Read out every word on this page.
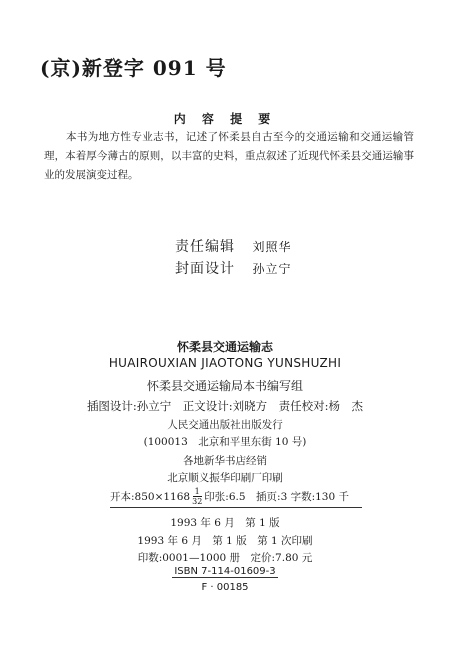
(京)新登字 091 号
内 容 提 要
本书为地方性专业志书，记述了怀柔县自古至今的交通运输和交通运输管理，本着厚今薄古的原则，以丰富的史料，重点叙述了近现代怀柔县交通运输事业的发展演变过程。
责任编辑 刘照华
封面设计 孙立宁
怀柔县交通运输志
HUAIROUXIAN JIAOTONG YUNSHUZHI
怀柔县交通运输局本书编写组
插图设计:孙立宁　正文设计:刘晓方　责任校对:杨　杰
人民交通出版社出版发行
(100013　北京和平里东街 10 号)
各地新华书店经销
北京顺义振华印刷厂印刷
开本:850×1168 $\frac{1}{32}$ 印张:6.5　插页:3 字数:130 千
1993 年 6 月　第 1 版
1993 年 6 月　第 1 版　第 1 次印刷
印数:0001—1000 册　定价:7.80 元
ISBN 7-114-01609-3
F · 00185
